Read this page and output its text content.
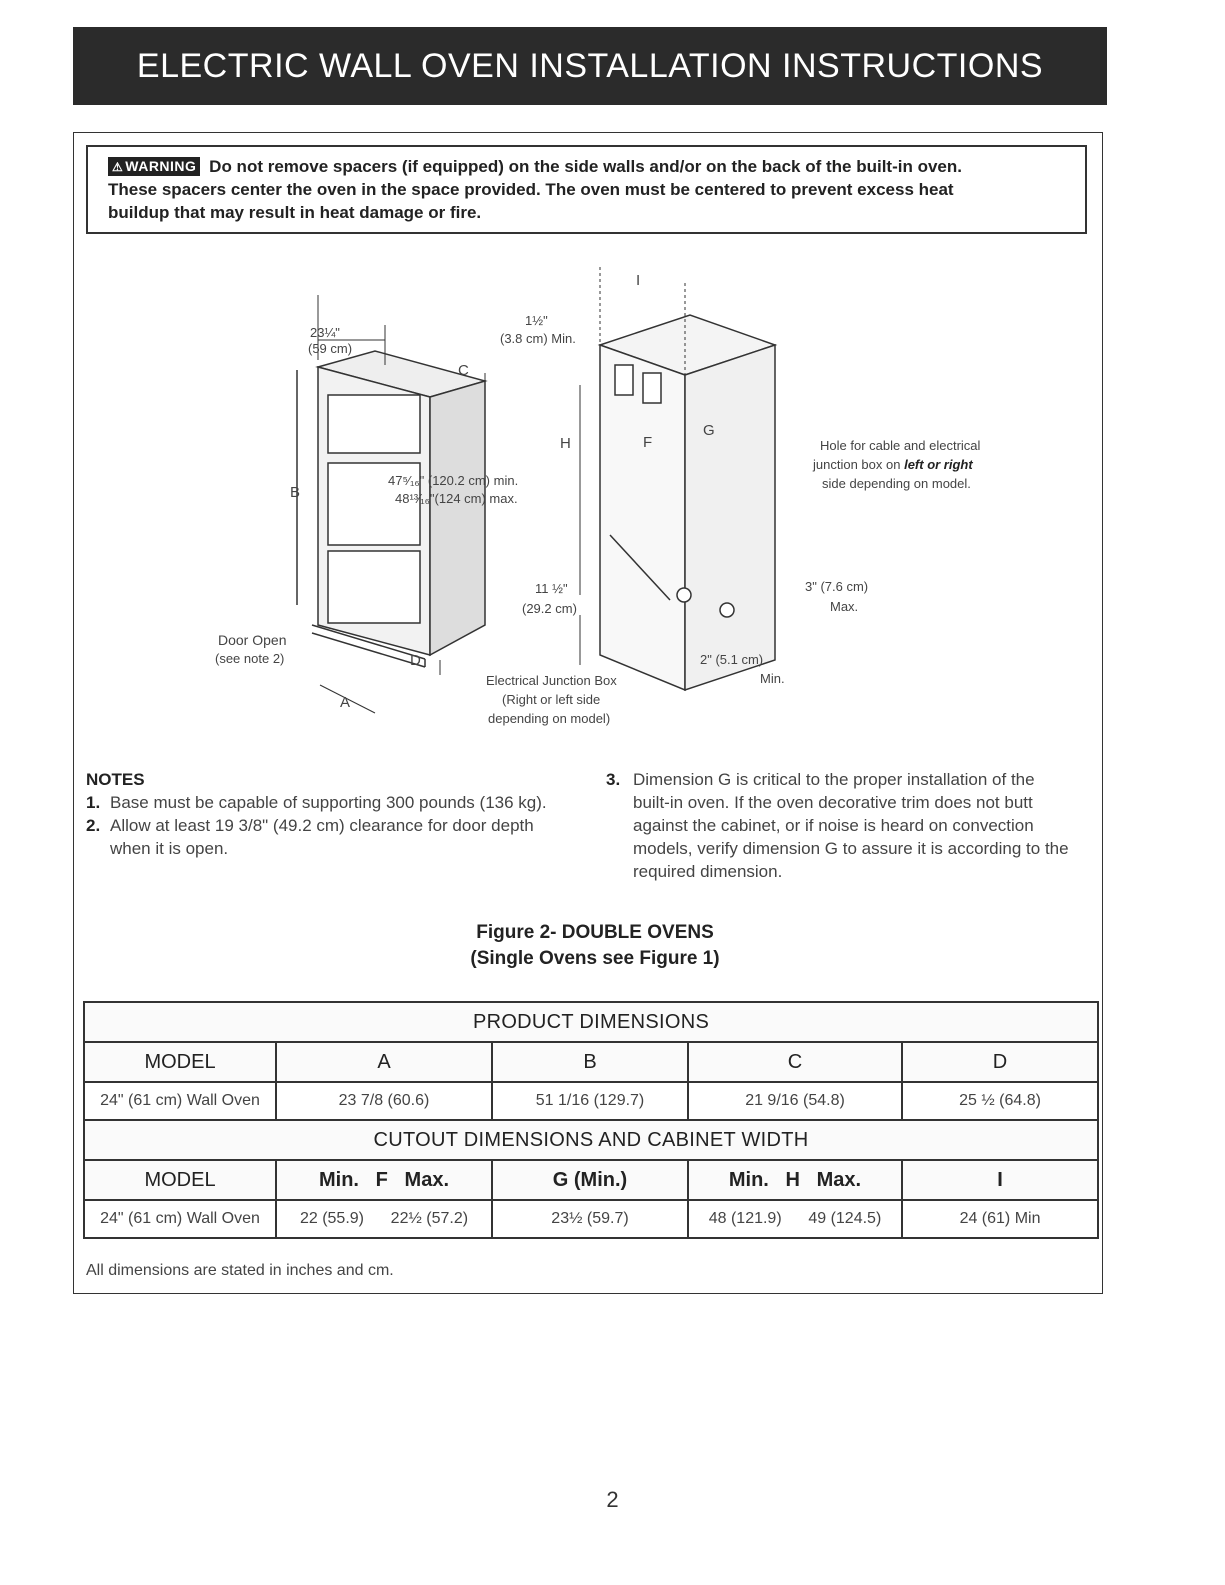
ELECTRIC WALL OVEN INSTALLATION INSTRUCTIONS
⚠ WARNING Do not remove spacers (if equipped) on the side walls and/or on the back of the built-in oven.
These spacers center the oven in the space provided. The oven must be centered to prevent excess heat
buildup that may result in heat damage or fire.
23¼"
(59 cm)
C
B
47⁵⁄₁₆" (120.2 cm) min.
48¹³⁄₁₆"(124 cm) max.
Door Open
(see note 2)	D
A
1½"
(3.8 cm) Min.
I
H	F
G
11 ½"
(29.2 cm)
Hole for cable and electrical
junction box on left or right
side depending on model.
3" (7.6 cm)
Max.
2" (5.1 cm)
Min.
Electrical Junction Box
(Right or left side
depending on model)
NOTES
1. Base must be capable of supporting 300 pounds (136 kg).
2. Allow at least 19 3/8" (49.2 cm) clearance for door depth when it is open.
3. Dimension G is critical to the proper installation of the built-in oven. If the oven decorative trim does not butt against the cabinet, or if noise is heard on convection models, verify dimension G to assure it is according to the required dimension.
Figure 2- DOUBLE OVENS
(Single Ovens see Figure 1)
PRODUCT DIMENSIONS				
MODEL	A	B	C	D
24" (61 cm) Wall Oven	23 7/8 (60.6)	51 1/16 (129.7)	21 9/16 (54.8)	25 ½ (64.8)
CUTOUT DIMENSIONS AND CABINET WIDTH				
MODEL	Min.   F   Max.	G (Min.)	Min.   H   Max.	I
24" (61 cm) Wall Oven	22 (55.9)      22½ (57.2)	23½ (59.7)	48 (121.9)      49 (124.5)	24 (61) Min
All dimensions are stated in inches and cm.
2
